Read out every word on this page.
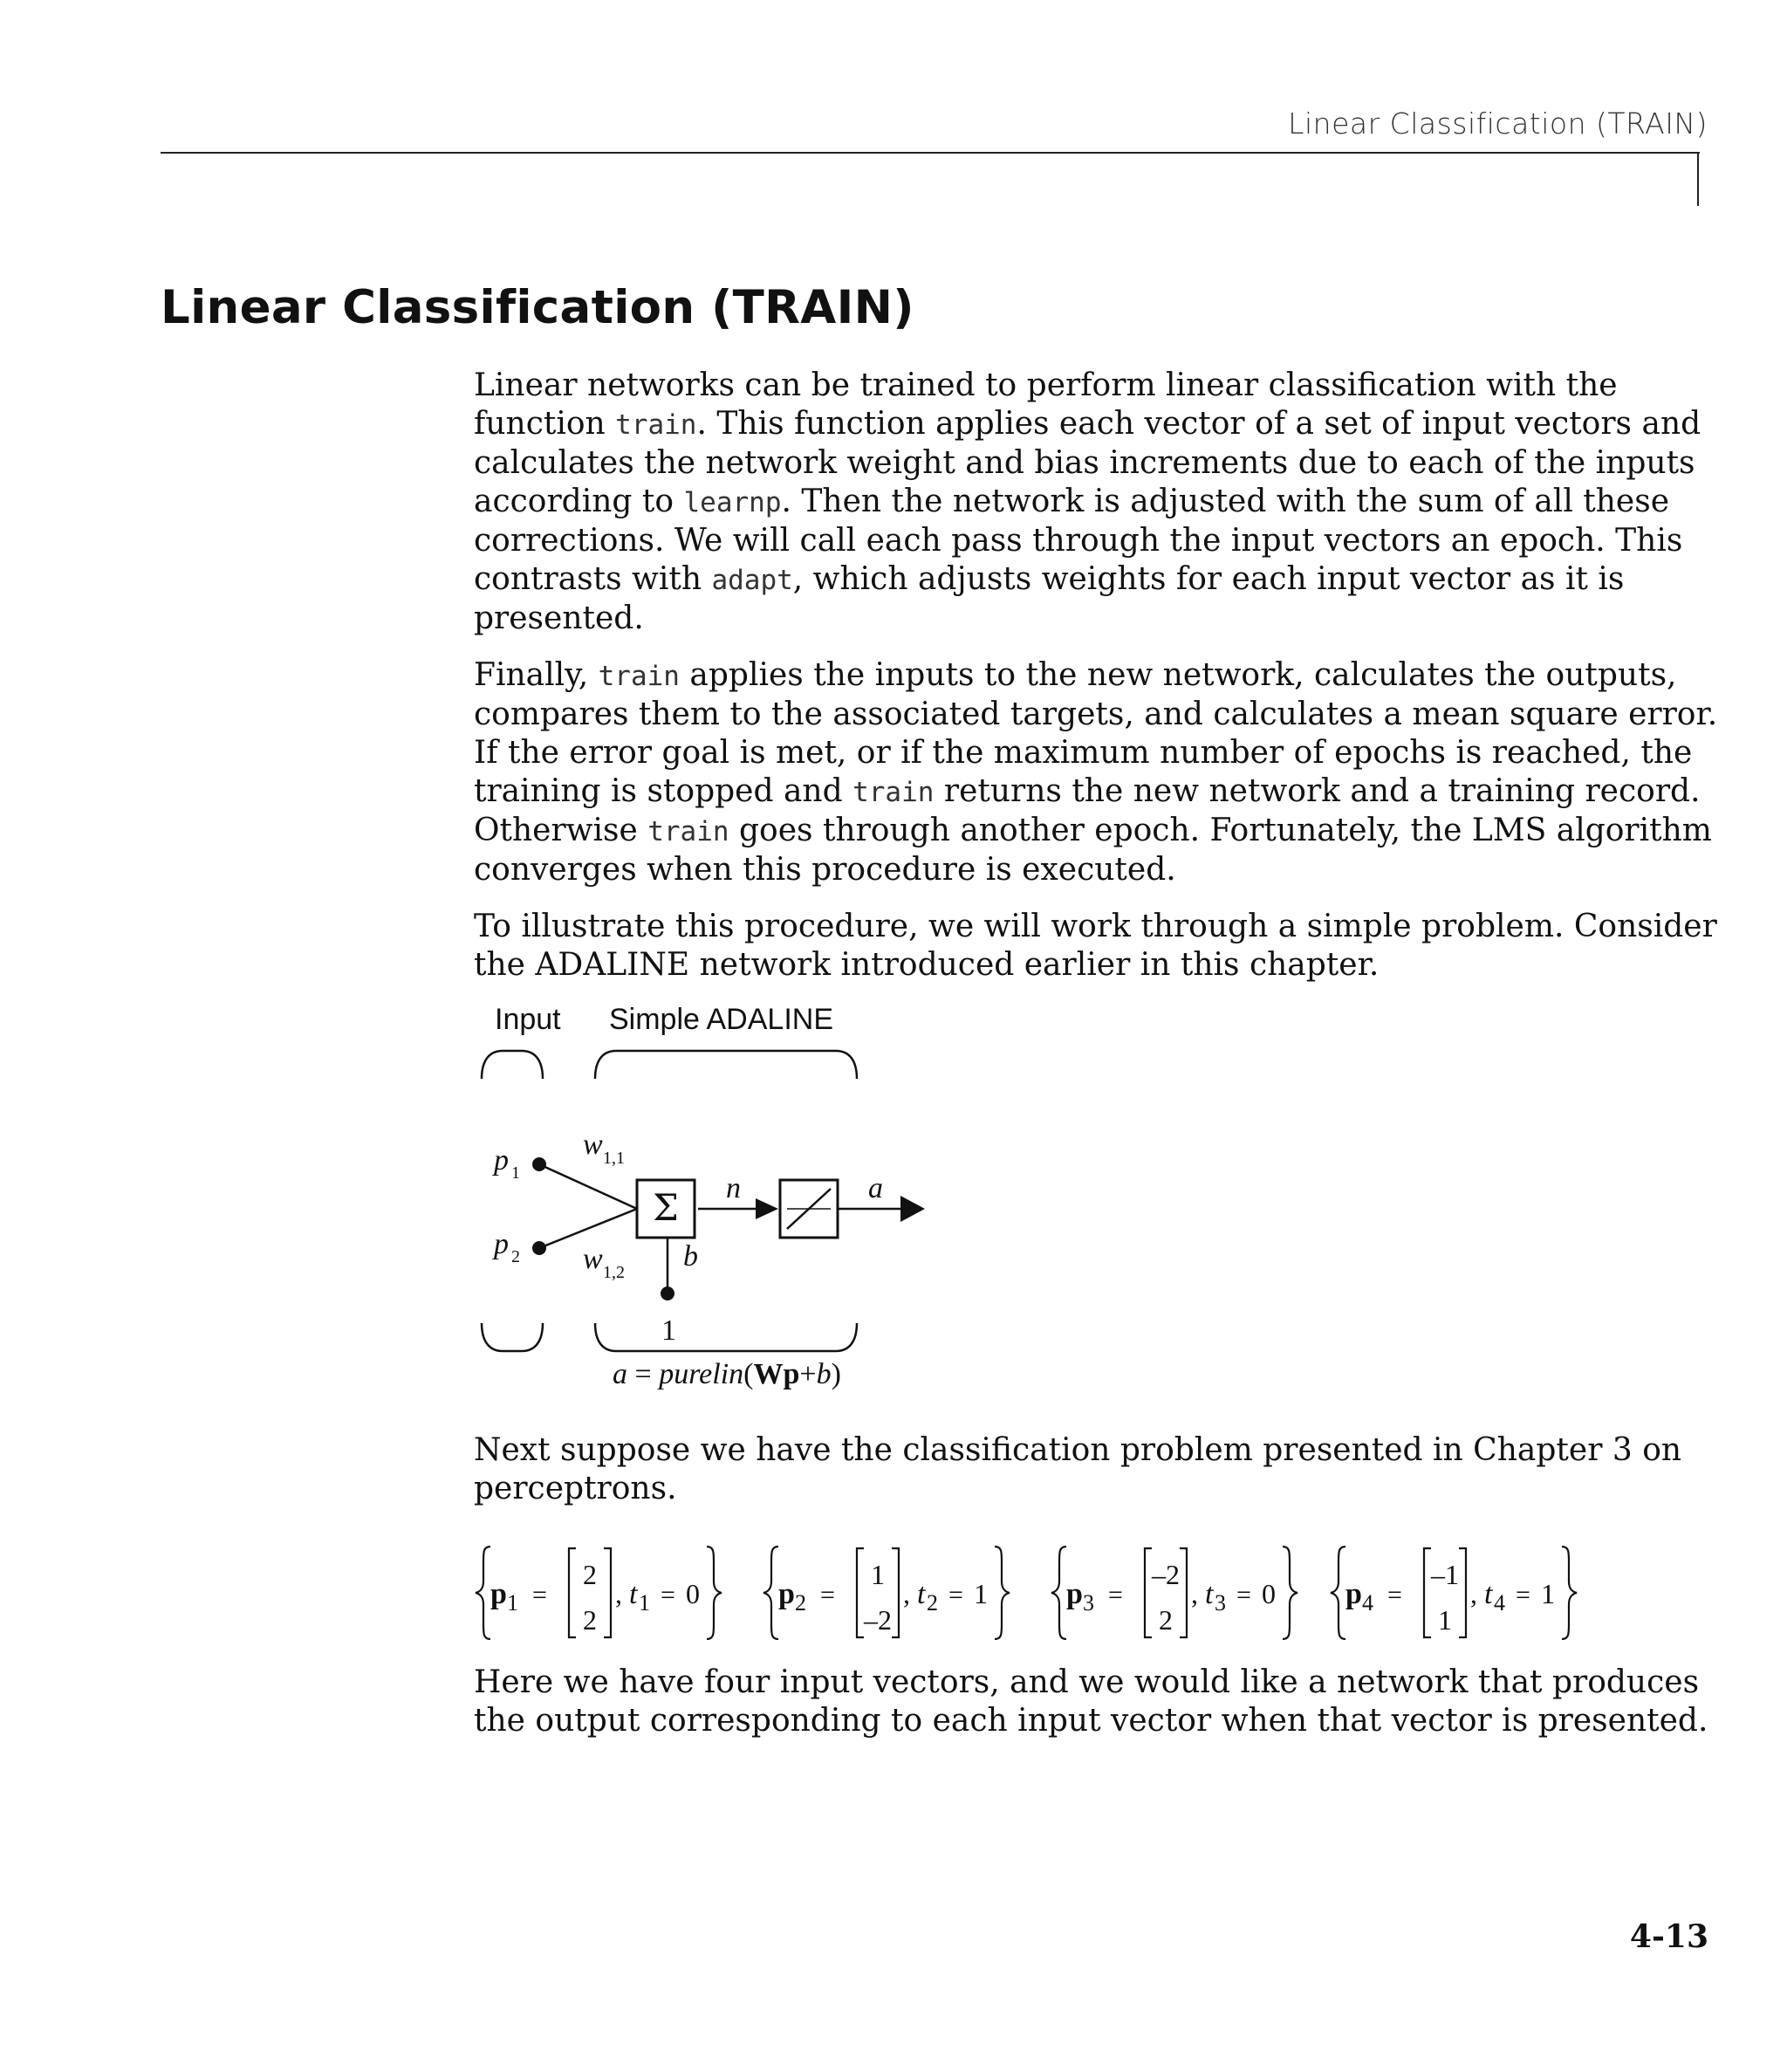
Linear Classification (TRAIN)
Linear Classification (TRAIN)
Linear networks can be trained to perform linear classification with the
function train. This function applies each vector of a set of input vectors and
calculates the network weight and bias increments due to each of the inputs
according to learnp. Then the network is adjusted with the sum of all these
corrections. We will call each pass through the input vectors an epoch. This
contrasts with adapt, which adjusts weights for each input vector as it is
presented.
Finally, train applies the inputs to the new network, calculates the outputs,
compares them to the associated targets, and calculates a mean square error.
If the error goal is met, or if the maximum number of epochs is reached, the
training is stopped and train returns the new network and a training record.
Otherwise train goes through another epoch. Fortunately, the LMS algorithm
converges when this procedure is executed.
To illustrate this procedure, we will work through a simple problem. Consider
the ADALINE network introduced earlier in this chapter.
Input Simple ADALINE
Σ
p
p
w
w
n	a
b
1
2
1,1
1,2
1
a = purelin(Wp+b)
Next suppose we have the classification problem presented in Chapter 3 on
perceptrons.
p 1 =
2
2
, t 1 = 0	p 2 =
1
–2
, t 2 = 1	p 3 =
–2
2
, t 3 = 0 p 4 =
–1
1
, t 4 = 1
Here we have four input vectors, and we would like a network that produces
the output corresponding to each input vector when that vector is presented.
4-13
